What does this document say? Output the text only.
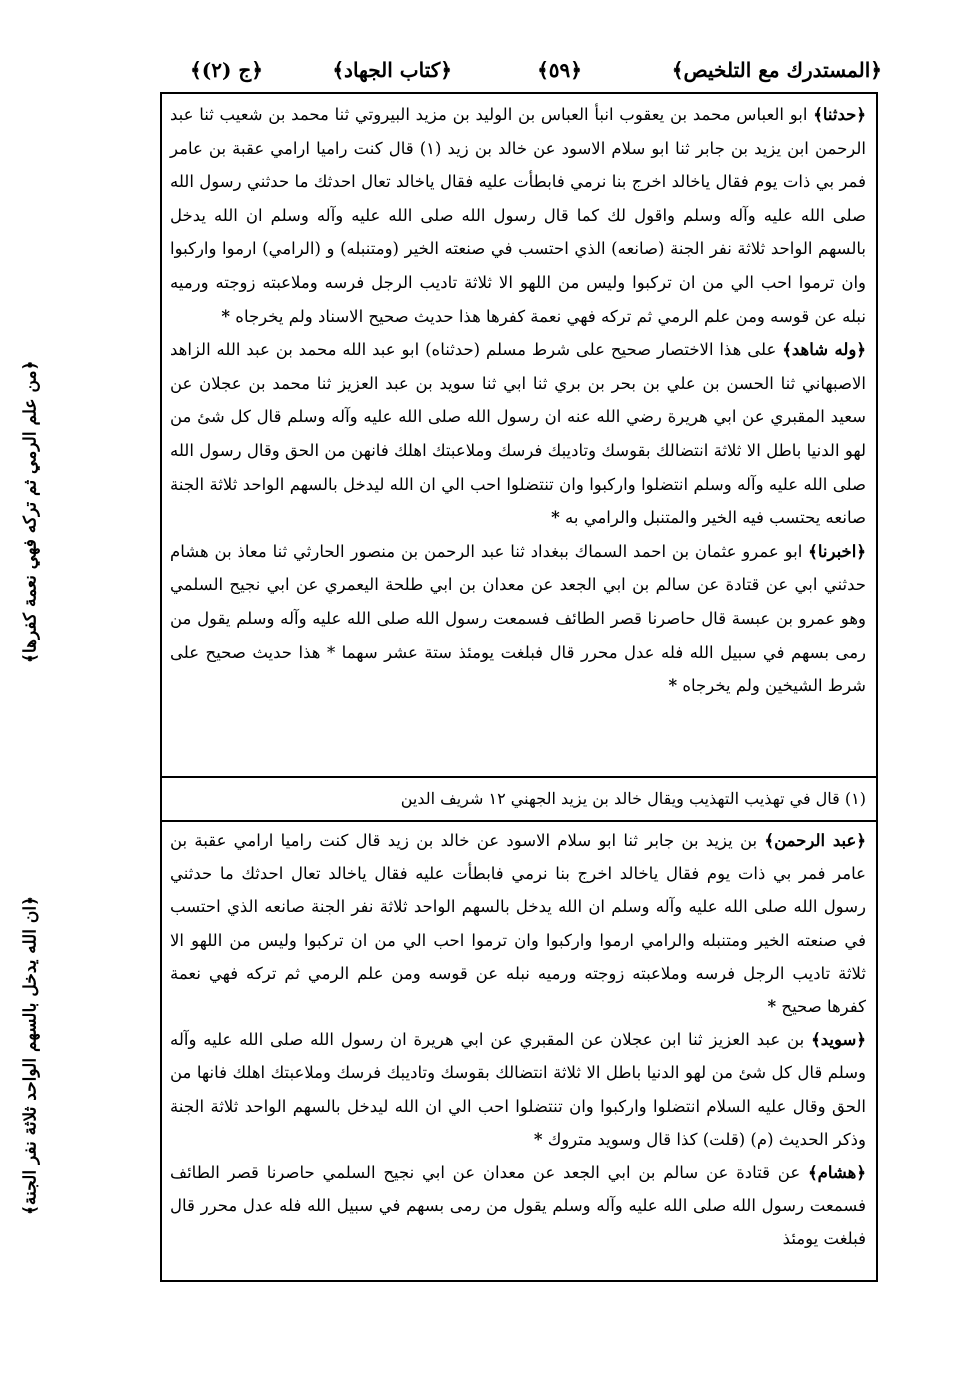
﴿المستدرك مع التلخيص﴾
﴿٥٩﴾
﴿كتاب الجهاد﴾
﴿ج (٢)﴾

﴿حدثنا﴾ ابو العباس محمد بن يعقوب انبأ العباس بن الوليد بن مزيد البيروتي ثنا محمد بن شعيب ثنا عبد الرحمن ابن يزيد بن جابر ثنا ابو سلام الاسود عن خالد بن زيد (١) قال كنت راميا ارامي عقبة بن عامر فمر بي ذات يوم فقال ياخالد اخرج بنا نرمي فابطأت عليه فقال ياخالد تعال احدثك ما حدثني رسول الله صلى الله عليه وآله وسلم واقول لك كما قال رسول الله صلى الله عليه وآله وسلم ان الله يدخل بالسهم الواحد ثلاثة نفر الجنة (صانعه) الذي احتسب في صنعته الخير (ومتنبله) و (الرامي) ارموا واركبوا وان ترموا احب الي من ان تركبوا وليس من اللهو الا ثلاثة تاديب الرجل فرسه وملاعبته زوجته ورميه نبله عن قوسه ومن علم الرمي ثم تركه فهي نعمة كفرها هذا حديث صحيح الاسناد ولم يخرجاه *

﴿وله شاهد﴾ على هذا الاختصار صحيح على شرط مسلم (حدثناه) ابو عبد الله محمد بن عبد الله الزاهد الاصبهاني ثنا الحسن بن علي بن بحر بن بري ثنا ابي ثنا سويد بن عبد العزيز ثنا محمد بن عجلان عن سعيد المقبري عن ابي هريرة رضي الله عنه ان رسول الله صلى الله عليه وآله وسلم قال كل شئ من لهو الدنيا باطل الا ثلاثة انتضالك بقوسك وتاديبك فرسك وملاعبتك اهلك فانهن من الحق وقال رسول الله صلى الله عليه وآله وسلم انتضلوا واركبوا وان تنتضلوا احب الي ان الله ليدخل بالسهم الواحد ثلاثة الجنة صانعه يحتسب فيه الخير والمتنبل والرامي به *

﴿اخبرنا﴾ ابو عمرو عثمان بن احمد السماك ببغداد ثنا عبد الرحمن بن منصور الحارثي ثنا معاذ بن هشام حدثني ابي عن قتادة عن سالم بن ابي الجعد عن معدان بن ابي طلحة اليعمري عن ابي نجيح السلمي وهو عمرو بن عبسة قال حاصرنا قصر الطائف فسمعت رسول الله صلى الله عليه وآله وسلم يقول من رمى بسهم في سبيل الله فله عدل محرر قال فبلغت يومئذ ستة عشر سهما * هذا حديث صحيح على شرط الشيخين ولم يخرجاه *

(١) قال في تهذيب التهذيب ويقال خالد بن يزيد الجهني ١٢ شريف الدين

﴿عبد الرحمن﴾ بن يزيد بن جابر ثنا ابو سلام الاسود عن خالد بن زيد قال كنت راميا ارامي عقبة بن عامر فمر بي ذات يوم فقال ياخالد اخرج بنا نرمي فابطأت عليه فقال ياخالد تعال احدثك ما حدثني رسول الله صلى الله عليه وآله وسلم ان الله يدخل بالسهم الواحد ثلاثة نفر الجنة صانعه الذي احتسب في صنعته الخير ومتنبله والرامي ارموا واركبوا وان ترموا احب الي من ان تركبوا وليس من اللهو الا ثلاثة تاديب الرجل فرسه وملاعبته زوجته ورميه نبله عن قوسه ومن علم الرمي ثم تركه فهي نعمة كفرها صحيح *

﴿سويد﴾ بن عبد العزيز ثنا ابن عجلان عن المقبري عن ابي هريرة ان رسول الله صلى الله عليه وآله وسلم قال كل شئ من لهو الدنيا باطل الا ثلاثة انتضالك بقوسك وتاديبك فرسك وملاعبتك اهلك فانها من الحق وقال عليه السلام انتضلوا واركبوا وان تنتضلوا احب الي ان الله ليدخل بالسهم الواحد ثلاثة الجنة وذكر الحديث (م) (قلت) كذا قال وسويد متروك *

﴿هشام﴾ عن قتادة عن سالم بن ابي الجعد عن معدان عن ابي نجيح السلمي حاصرنا قصر الطائف فسمعت رسول الله صلى الله عليه وآله وسلم يقول من رمى بسهم في سبيل الله فله عدل محرر قال فبلغت يومئذ

﴿من علم الرمي ثم تركه فهي نعمة كفرها﴾
﴿ان الله يدخل بالسهم الواحد ثلاثة نفر الجنة﴾
